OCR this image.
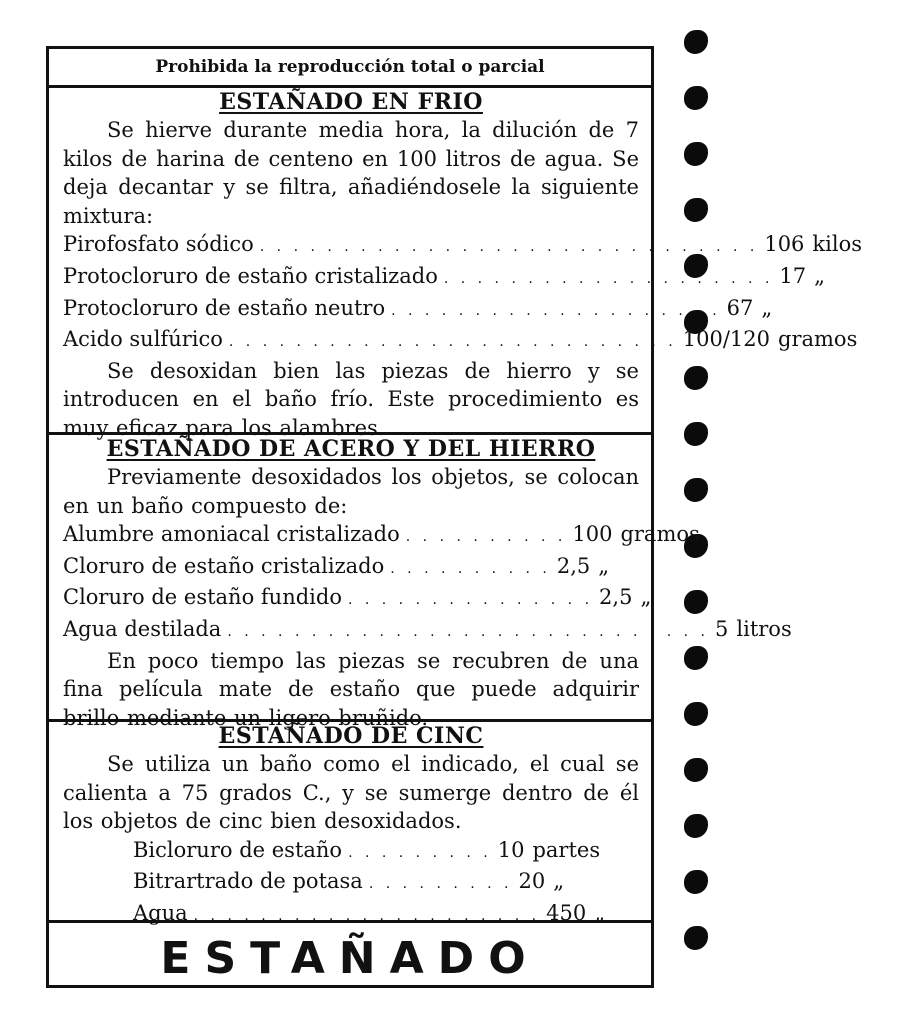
Prohibida la reproducción total o parcial

ESTAÑADO EN FRIO

Se hierve durante media hora, la dilución de 7 kilos de harina de centeno en 100 litros de agua. Se deja decantar y se filtra, añadiéndosele la siguiente mixtura:

Pirofosfato sódico . . . . . . . . . . . . . . . . . . . . . . . . . . . . . . 106 kilos
Protocloruro de estaño cristalizado . . . . . . . . . . . . . . . . . . . . 17 „
Protocloruro de estaño neutro . . . . . . . . . . . . . . . . . . . . 67 „
Acido sulfúrico . . . . . . . . . . . . . . . . . . . . . . . . . . . 100/120 gramos

Se desoxidan bien las piezas de hierro y se introducen en el baño frío. Este procedimiento es muy eficaz para los alambres.

ESTAÑADO DE ACERO Y DEL HIERRO

Previamente desoxidados los objetos, se colocan en un baño compuesto de:

Alumbre amoniacal cristalizado . . . . . . . . . . 100 gramos
Cloruro de estaño cristalizado . . . . . . . . . . 2,5 „
Cloruro de estaño fundido . . . . . . . . . . . . . . . 2,5 „
Agua destilada . . . . . . . . . . . . . . . . . . . . . . . . . . . . . 5 litros

En poco tiempo las piezas se recubren de una fina película mate de estaño que puede adquirir brillo mediante un ligero bruñido.

ESTAÑADO DE CINC

Se utiliza un baño como el indicado, el cual se calienta a 75 grados C., y se sumerge dentro de él los objetos de cinc bien desoxidados.

Bicloruro de estaño . . . . . . . . . 10 partes
Bitrartrado de potasa . . . . . . . . . 20 „
Agua . . . . . . . . . . . . . . . . . . . . . 450 „
ESTAÑADO
